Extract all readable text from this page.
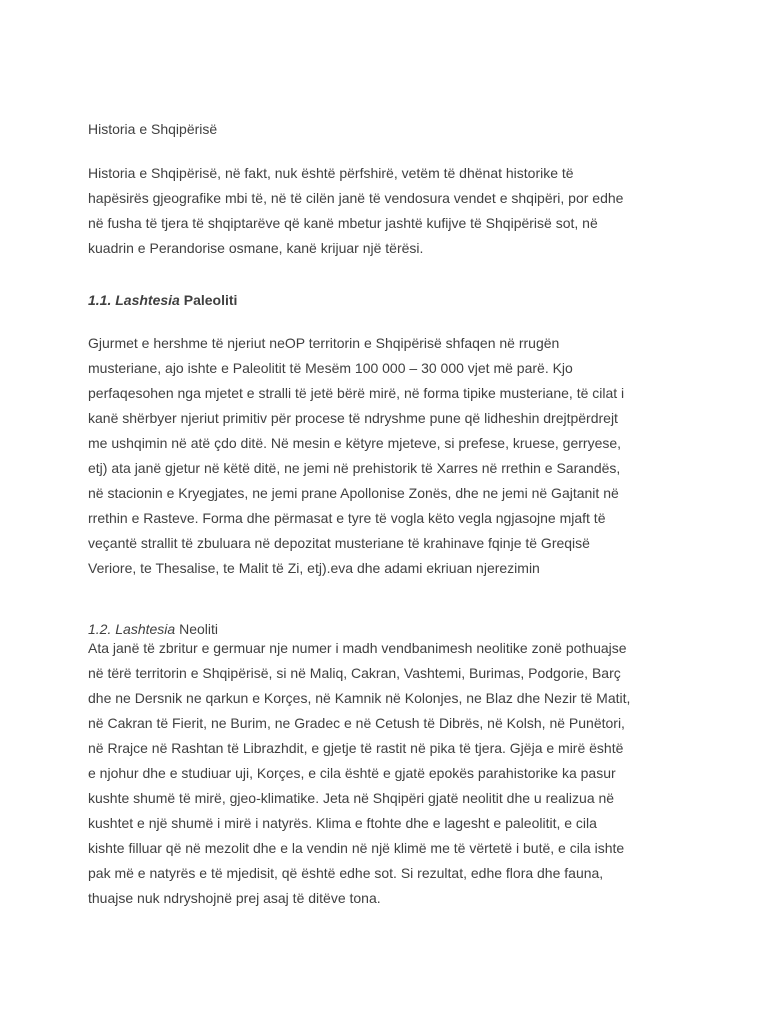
Historia e Shqipërisë

Historia e Shqipërisë, në fakt, nuk është përfshirë, vetëm të dhënat historike të
hapësirës gjeografike mbi të, në të cilën janë të vendosura vendet e shqipëri, por edhe
në fusha të tjera të shqiptarëve që kanë mbetur jashtë kufijve të Shqipërisë sot, në
kuadrin e Perandorise osmane, kanë krijuar një tërësi.

1.1. Lashtesia Paleoliti

Gjurmet e hershme të njeriut neOP territorin e Shqipërisë shfaqen në rrugën
musteriane, ajo ishte e Paleolitit të Mesëm 100 000 – 30 000 vjet më parë. Kjo
perfaqesohen nga mjetet e stralli të jetë bërë mirë, në forma tipike musteriane, të cilat i
kanë shërbyer njeriut primitiv për procese të ndryshme pune që lidheshin drejtpërdrejt
me ushqimin në atë çdo ditë. Në mesin e këtyre mjeteve, si prefese, kruese, gerryese,
etj) ata janë gjetur në këtë ditë, ne jemi në prehistorik të Xarres në rrethin e Sarandës,
në stacionin e Kryegjates, ne jemi prane Apollonise Zonës, dhe ne jemi në Gajtanit në
rrethin e Rasteve. Forma dhe përmasat e tyre të vogla këto vegla ngjasojne mjaft të
veçantë strallit të zbuluara në depozitat musteriane të krahinave fqinje të Greqisë
Veriore, te Thesalise, te Malit të Zi, etj).eva dhe adami ekriuan njerezimin

1.2. Lashtesia Neoliti

Ata janë të zbritur e germuar nje numer i madh vendbanimesh neolitike zonë pothuajse
në tërë territorin e Shqipërisë, si në Maliq, Cakran, Vashtemi, Burimas, Podgorie, Barç
dhe ne Dersnik ne qarkun e Korçes, në Kamnik në Kolonjes, ne Blaz dhe Nezir të Matit,
në Cakran të Fierit, ne Burim, ne Gradec e në Cetush të Dibrës, në Kolsh, në Punëtori,
në Rrajce në Rashtan të Librazhdit, e gjetje të rastit në pika të tjera. Gjëja e mirë është
e njohur dhe e studiuar uji, Korçes, e cila është e gjatë epokës parahistorike ka pasur
kushte shumë të mirë, gjeo-klimatike. Jeta në Shqipëri gjatë neolitit dhe u realizua në
kushtet e një shumë i mirë i natyrës. Klima e ftohte dhe e lagesht e paleolitit, e cila
kishte filluar që në mezolit dhe e la vendin në një klimë me të vërtetë i butë, e cila ishte
pak më e natyrës e të mjedisit, që është edhe sot. Si rezultat, edhe flora dhe fauna,
thuajse nuk ndryshojnë prej asaj të ditëve tona.
